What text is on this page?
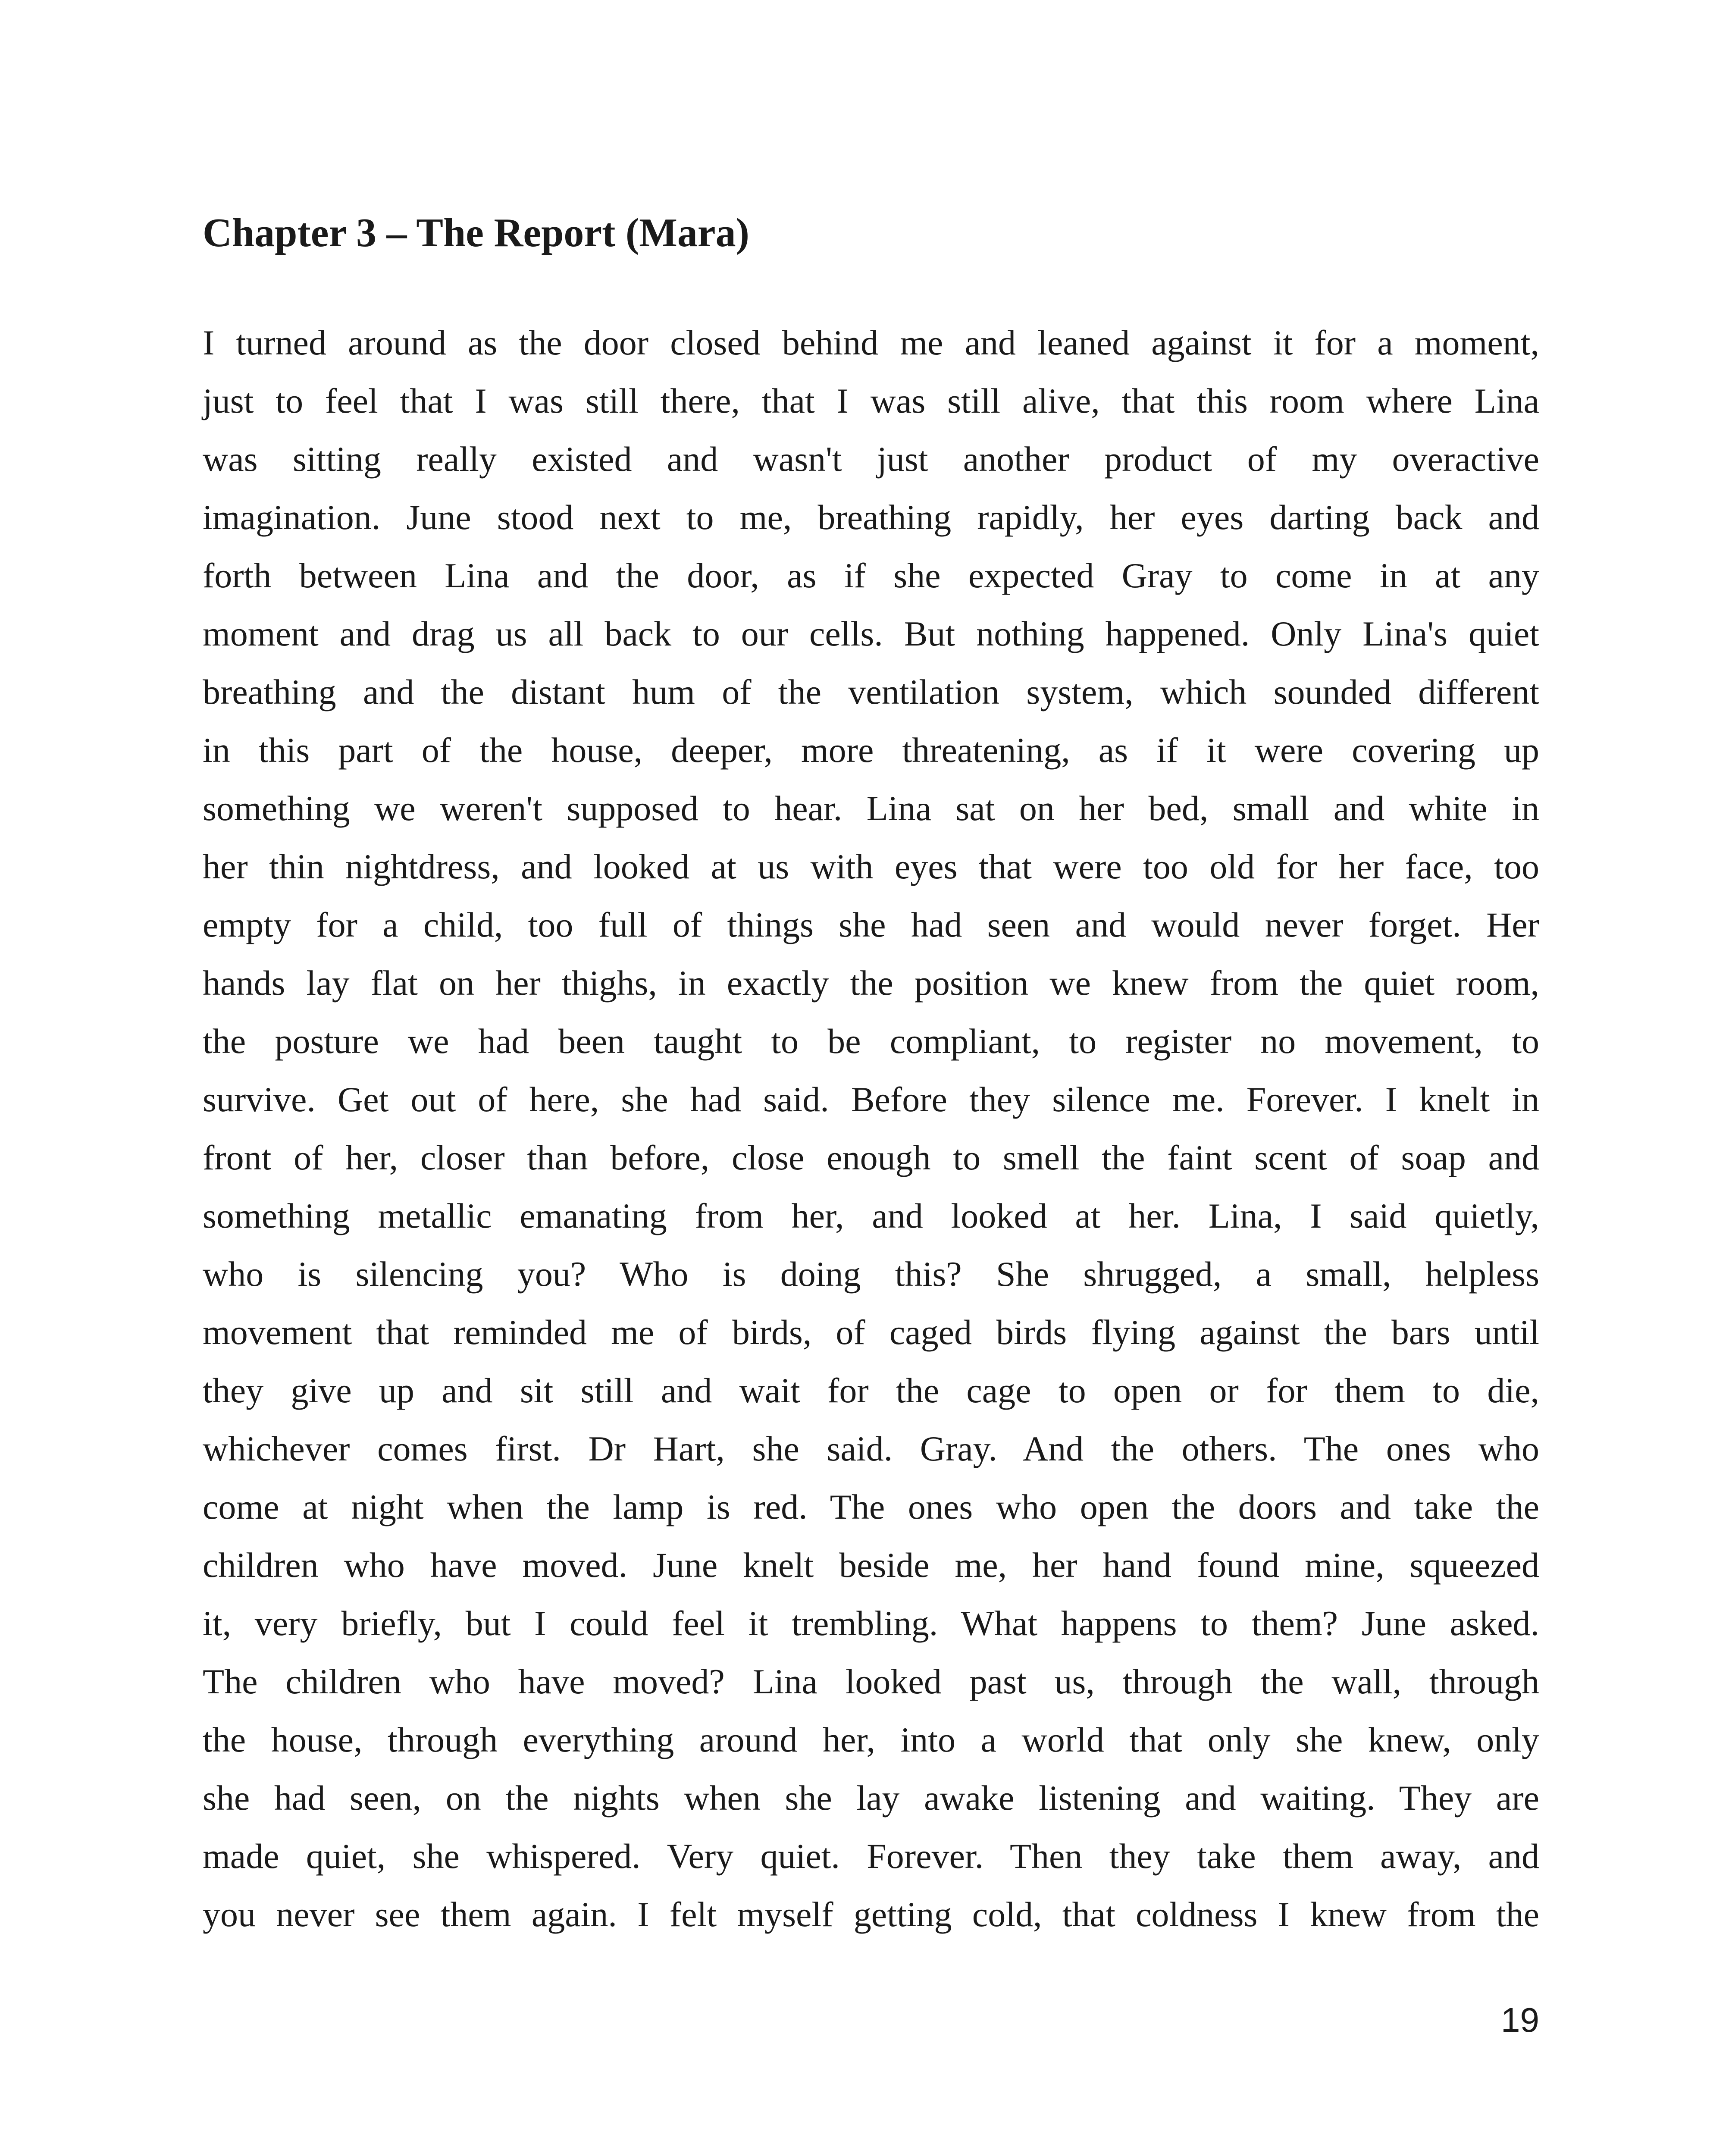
Chapter 3 – The Report (Mara)
I turned around as the door closed behind me and leaned against it for a moment,
just to feel that I was still there, that I was still alive, that this room where Lina
was sitting really existed and wasn't just another product of my overactive
imagination. June stood next to me, breathing rapidly, her eyes darting back and
forth between Lina and the door, as if she expected Gray to come in at any
moment and drag us all back to our cells. But nothing happened. Only Lina's quiet
breathing and the distant hum of the ventilation system, which sounded different
in this part of the house, deeper, more threatening, as if it were covering up
something we weren't supposed to hear. Lina sat on her bed, small and white in
her thin nightdress, and looked at us with eyes that were too old for her face, too
empty for a child, too full of things she had seen and would never forget. Her
hands lay flat on her thighs, in exactly the position we knew from the quiet room,
the posture we had been taught to be compliant, to register no movement, to
survive. Get out of here, she had said. Before they silence me. Forever. I knelt in
front of her, closer than before, close enough to smell the faint scent of soap and
something metallic emanating from her, and looked at her. Lina, I said quietly,
who is silencing you? Who is doing this? She shrugged, a small, helpless
movement that reminded me of birds, of caged birds flying against the bars until
they give up and sit still and wait for the cage to open or for them to die,
whichever comes first. Dr Hart, she said. Gray. And the others. The ones who
come at night when the lamp is red. The ones who open the doors and take the
children who have moved. June knelt beside me, her hand found mine, squeezed
it, very briefly, but I could feel it trembling. What happens to them? June asked.
The children who have moved? Lina looked past us, through the wall, through
the house, through everything around her, into a world that only she knew, only
she had seen, on the nights when she lay awake listening and waiting. They are
made quiet, she whispered. Very quiet. Forever. Then they take them away, and
you never see them again. I felt myself getting cold, that coldness I knew from the
19
